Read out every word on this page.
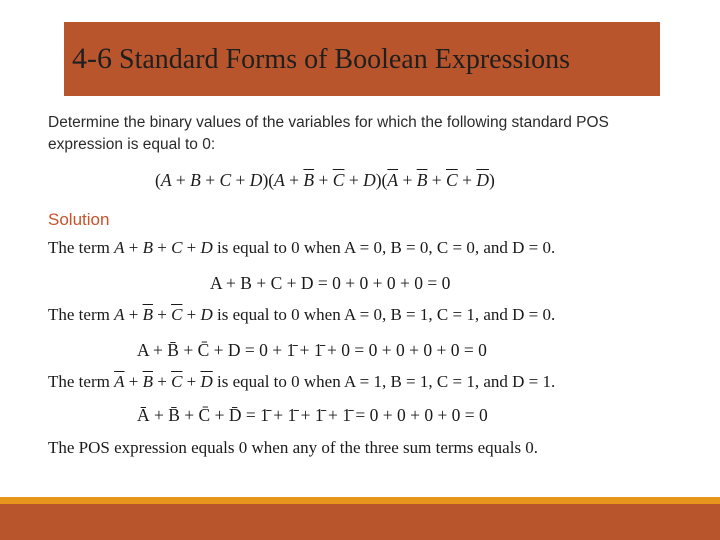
4-6 Standard Forms of Boolean Expressions

Determine the binary values of the variables for which the following standard POS

expression is equal to 0:

$(A + B + C + D)(A + \overline{B} + \overline{C} + D)(\overline{A} + \overline{B} + \overline{C} + \overline{D})$
Solution
The term A + B + C + D is equal to 0 when A = 0, B = 0, C = 0, and D = 0.
A + B + C + D = 0 + 0 + 0 + 0 = 0
The term $A + \overline{B} + \overline{C} + D$ is equal to 0 when A = 0, B = 1, C = 1, and D = 0.
A + B̄ + C̄ + D = 0 + 1̄ + 1̄ + 0 = 0 + 0 + 0 + 0 = 0
The term $\overline{A} + \overline{B} + \overline{C} + \overline{D}$ is equal to 0 when A = 1, B = 1, C = 1, and D = 1.
Ā + B̄ + C̄ + D̄ = 1̄ + 1̄ + 1̄ + 1̄ = 0 + 0 + 0 + 0 = 0
The POS expression equals 0 when any of the three sum terms equals 0.
